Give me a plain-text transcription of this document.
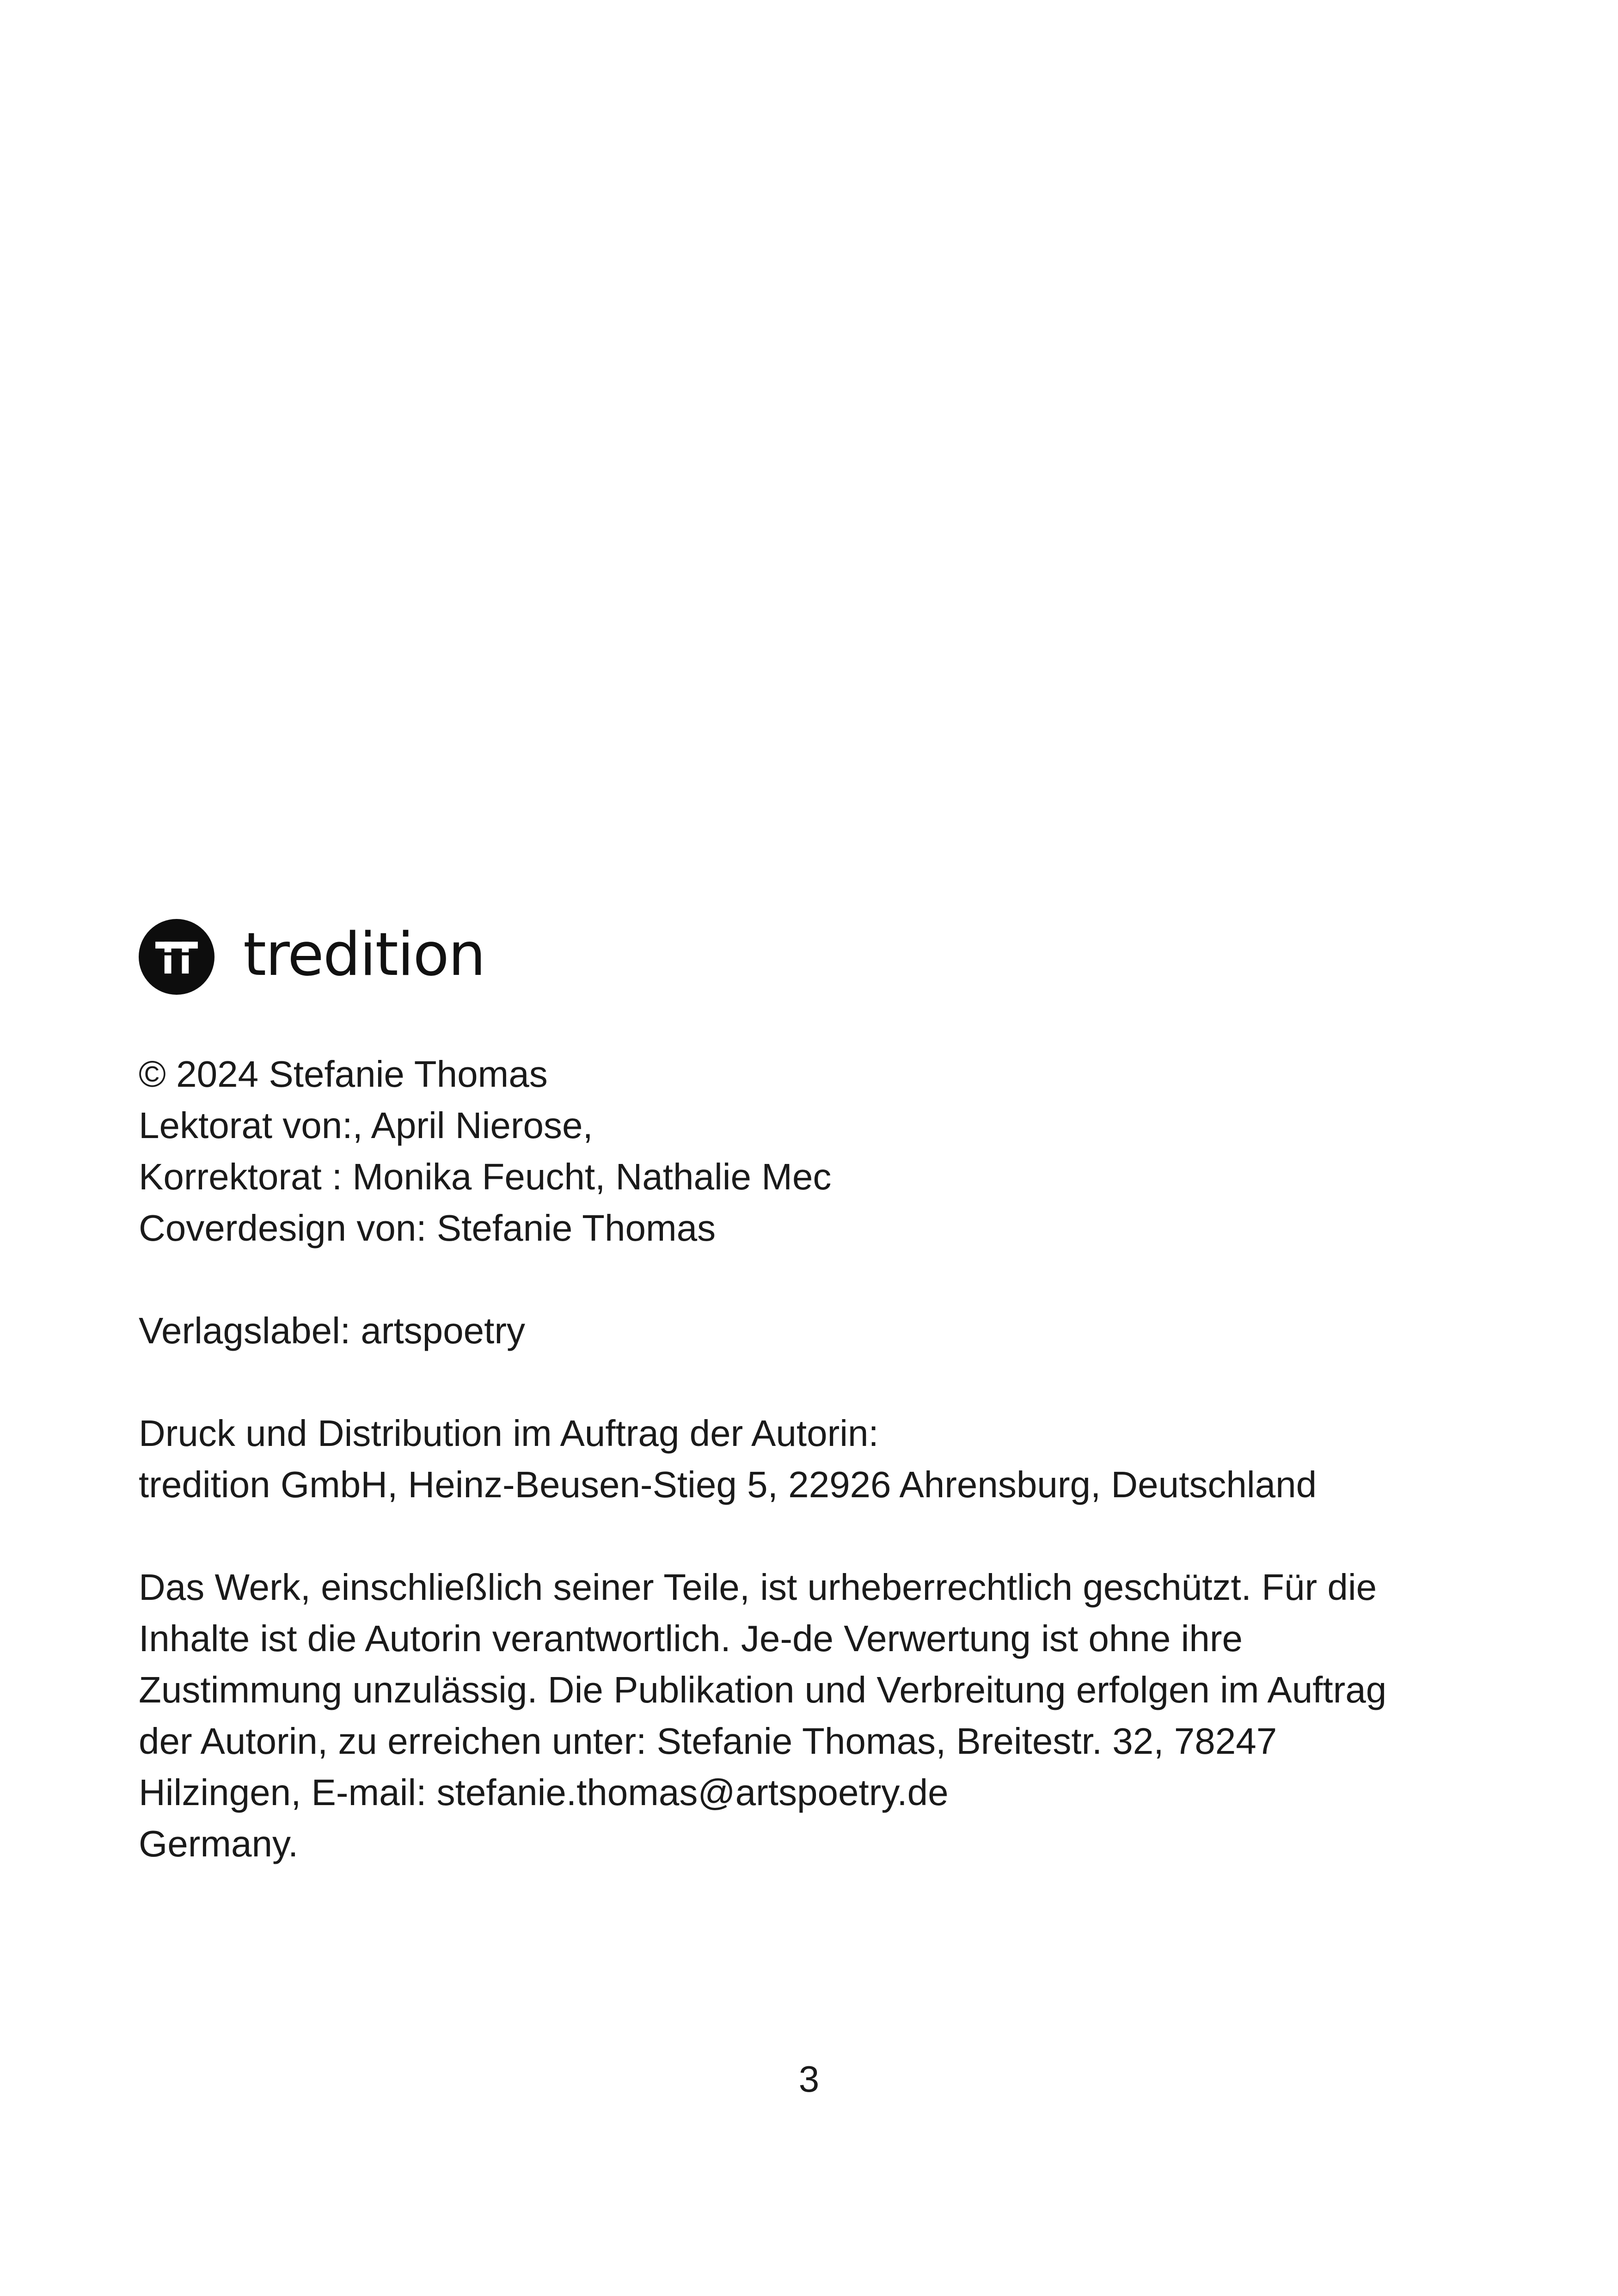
tredition
© 2024 Stefanie Thomas
Lektorat von:, April Nierose,
Korrektorat : Monika Feucht, Nathalie Mec
Coverdesign von: Stefanie Thomas
Verlagslabel: artspoetry
Druck und Distribution im Auftrag der Autorin:
tredition GmbH, Heinz-Beusen-Stieg 5, 22926 Ahrensburg, Deutschland
Das Werk, einschließlich seiner Teile, ist urheberrechtlich geschützt. Für die
Inhalte ist die Autorin verantwortlich. Je-de Verwertung ist ohne ihre
Zustimmung unzulässig. Die Publikation und Verbreitung erfolgen im Auftrag
der Autorin, zu erreichen unter: Stefanie Thomas, Breitestr. 32, 78247
Hilzingen, E-mail: stefanie.thomas@artspoetry.de
Germany.
3
